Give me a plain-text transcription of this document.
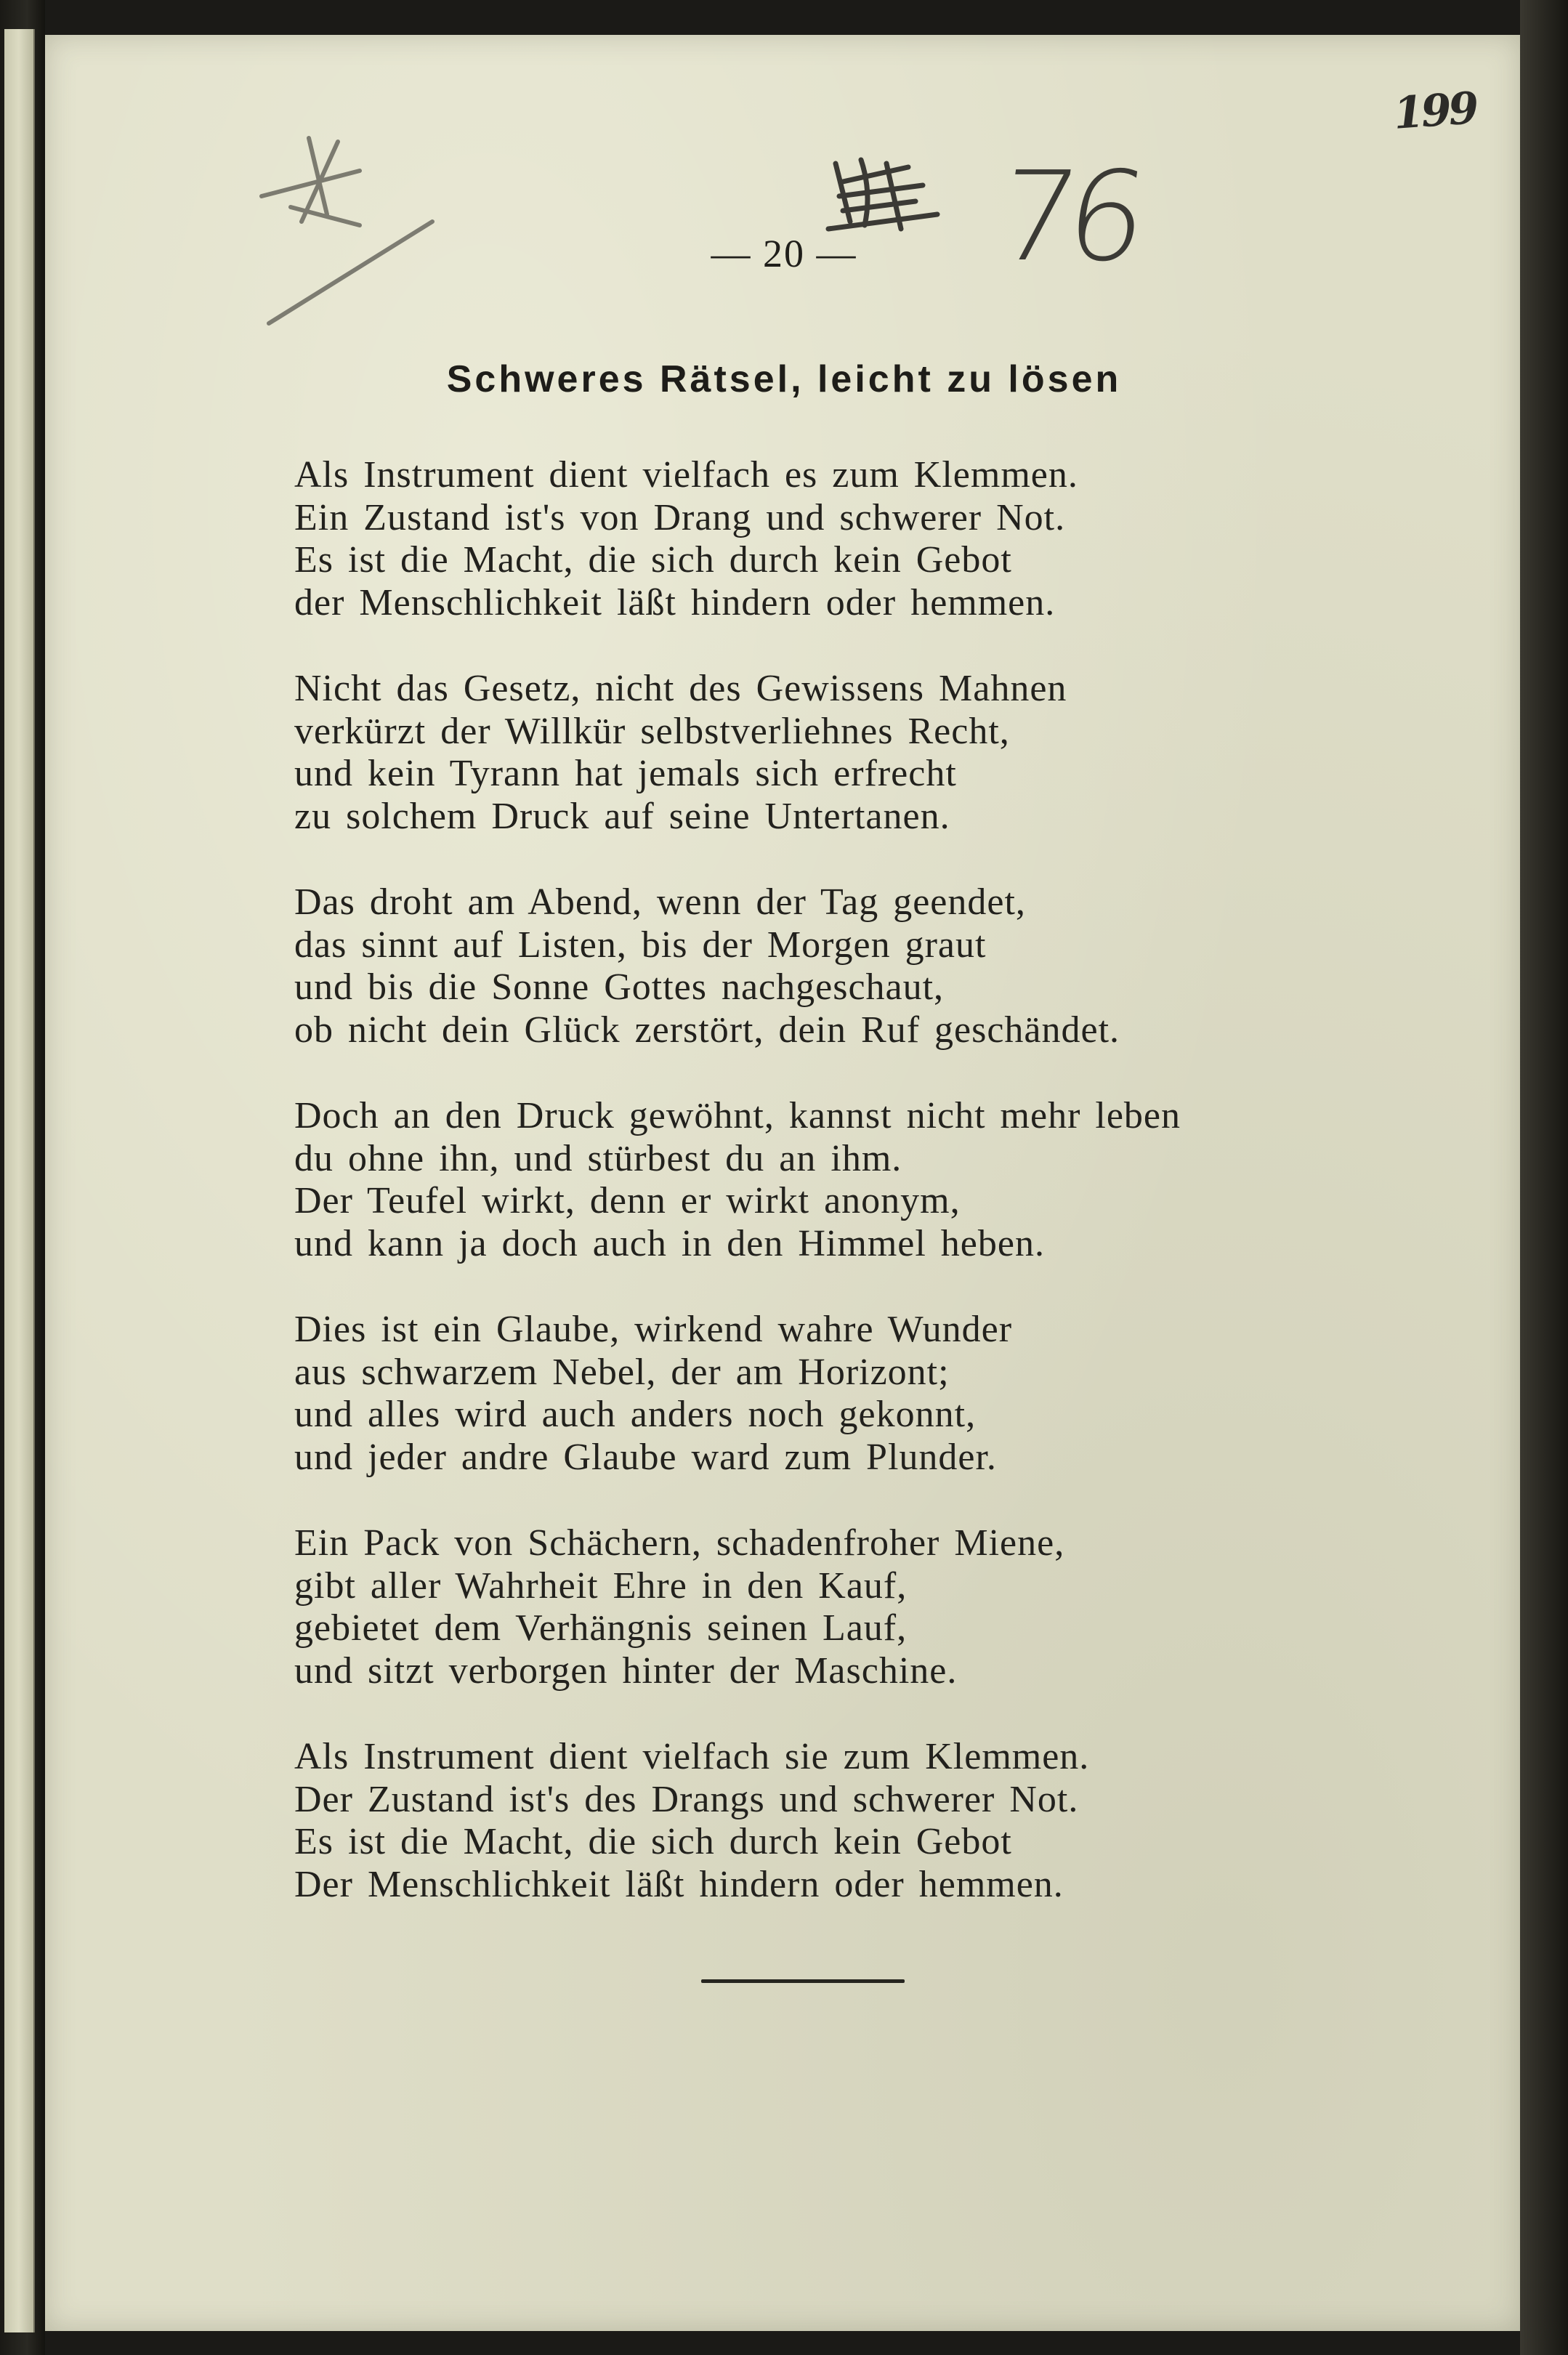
76
199
— 20 —
Schweres Rätsel, leicht zu lösen
Als Instrument dient vielfach es zum Klemmen.
Ein Zustand ist's von Drang und schwerer Not.
Es ist die Macht, die sich durch kein Gebot
der Menschlichkeit läßt hindern oder hemmen.
Nicht das Gesetz, nicht des Gewissens Mahnen
verkürzt der Willkür selbstverliehnes Recht,
und kein Tyrann hat jemals sich erfrecht
zu solchem Druck auf seine Untertanen.
Das droht am Abend, wenn der Tag geendet,
das sinnt auf Listen, bis der Morgen graut
und bis die Sonne Gottes nachgeschaut,
ob nicht dein Glück zerstört, dein Ruf geschändet.
Doch an den Druck gewöhnt, kannst nicht mehr leben
du ohne ihn, und stürbest du an ihm.
Der Teufel wirkt, denn er wirkt anonym,
und kann ja doch auch in den Himmel heben.
Dies ist ein Glaube, wirkend wahre Wunder
aus schwarzem Nebel, der am Horizont;
und alles wird auch anders noch gekonnt,
und jeder andre Glaube ward zum Plunder.
Ein Pack von Schächern, schadenfroher Miene,
gibt aller Wahrheit Ehre in den Kauf,
gebietet dem Verhängnis seinen Lauf,
und sitzt verborgen hinter der Maschine.
Als Instrument dient vielfach sie zum Klemmen.
Der Zustand ist's des Drangs und schwerer Not.
Es ist die Macht, die sich durch kein Gebot
Der Menschlichkeit läßt hindern oder hemmen.
